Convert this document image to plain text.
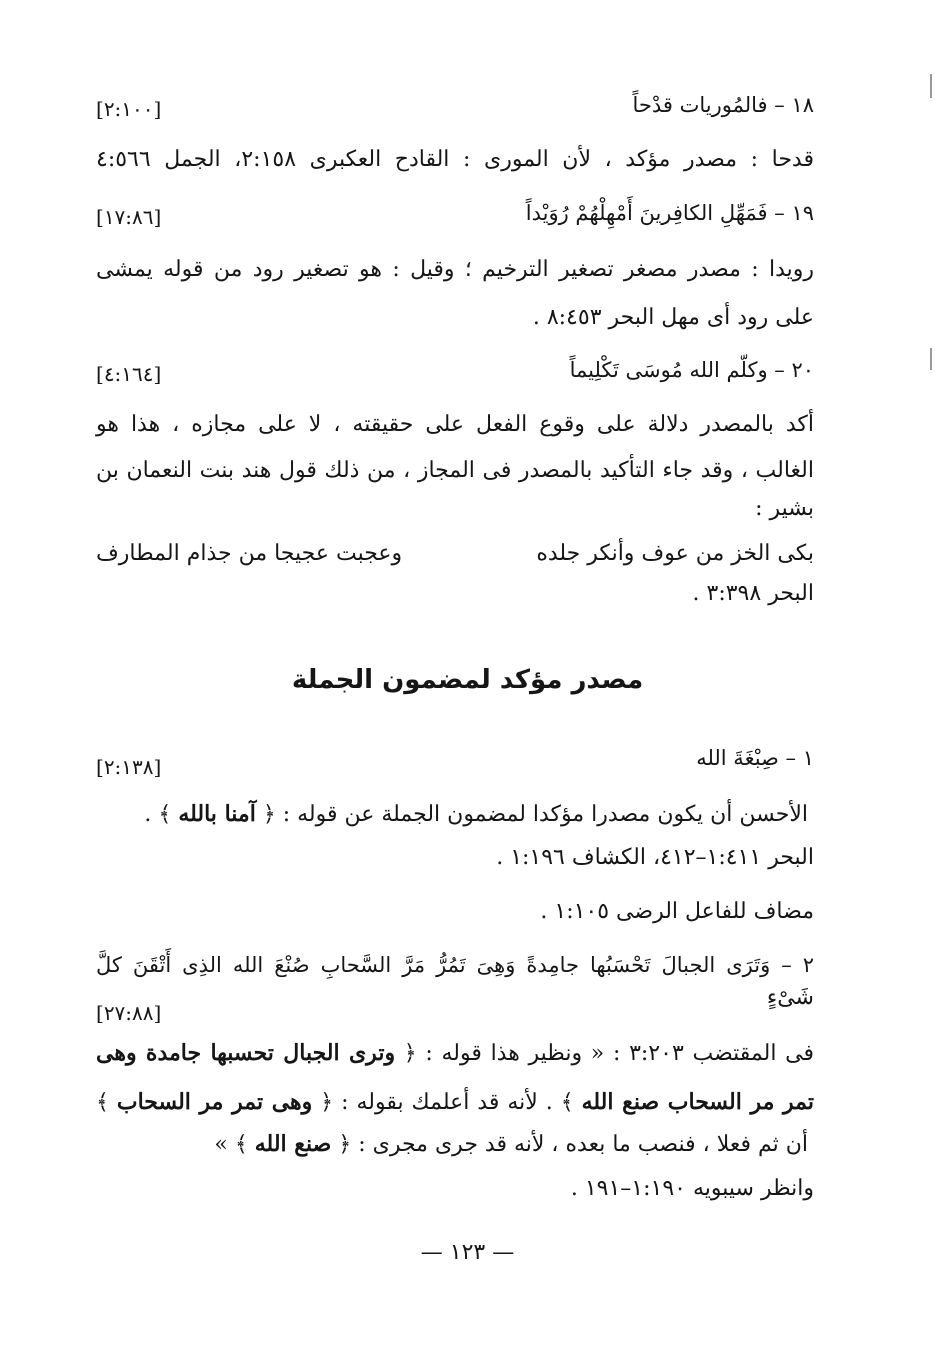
١٨ – فالمُوريات قدْحاً
[٢:١٠٠]
قدحا : مصدر مؤكد ، لأن المورى : القادح العكبرى ٢:١٥٨، الجمل ٤:٥٦٦
١٩ – فَمَهِّلِ الكافِرينَ أَمْهِلْهُمْ رُوَيْداً
[١٧:٨٦]
رويدا : مصدر مصغر تصغير الترخيم ؛ وقيل : هو تصغير رود من قوله يمشى
على رود أى مهل البحر ٨:٤٥٣ .
٢٠ – وكلّم الله مُوسَى تَكْلِيماً
[٤:١٦٤]
أكد بالمصدر دلالة على وقوع الفعل على حقيقته ، لا على مجازه ، هذا هو
الغالب ، وقد جاء التأكيد بالمصدر فى المجاز ، من ذلك قول هند بنت النعمان بن
بشير :
بكى الخز من عوف وأنكر جلده
وعجبت عجيجا من جذام المطارف
البحر ٣:٣٩٨ .
مصدر مؤكد لمضمون الجملة
١ – صِبْغَةَ الله
[٢:١٣٨]
الأحسن أن يكون مصدرا مؤكدا لمضمون الجملة عن قوله : ﴿ آمنا بالله ﴾ .
البحر ١:٤١١–٤١٢، الكشاف ١:١٩٦ .
مضاف للفاعل الرضى ١:١٠٥ .
٢ – وَتَرَى الجبالَ تَحْسَبُها جامِدةً وَهِىَ تَمُرُّ مَرَّ السَّحابِ صُنْعَ الله الذِى أَتْقَنَ كلَّ
شَىْءٍ
[٢٧:٨٨]
فى المقتضب ٣:٢٠٣ : « ونظير هذا قوله : ﴿ وترى الجبال تحسبها جامدة وهى
تمر مر السحاب صنع الله ﴾ . لأنه قد أعلمك بقوله : ﴿ وهى تمر مر السحاب ﴾
أن ثم فعلا ، فنصب ما بعده ، لأنه قد جرى مجرى : ﴿ صنع الله ﴾ »
وانظر سيبويه ١:١٩٠–١٩١ .
— ١٢٣ —
